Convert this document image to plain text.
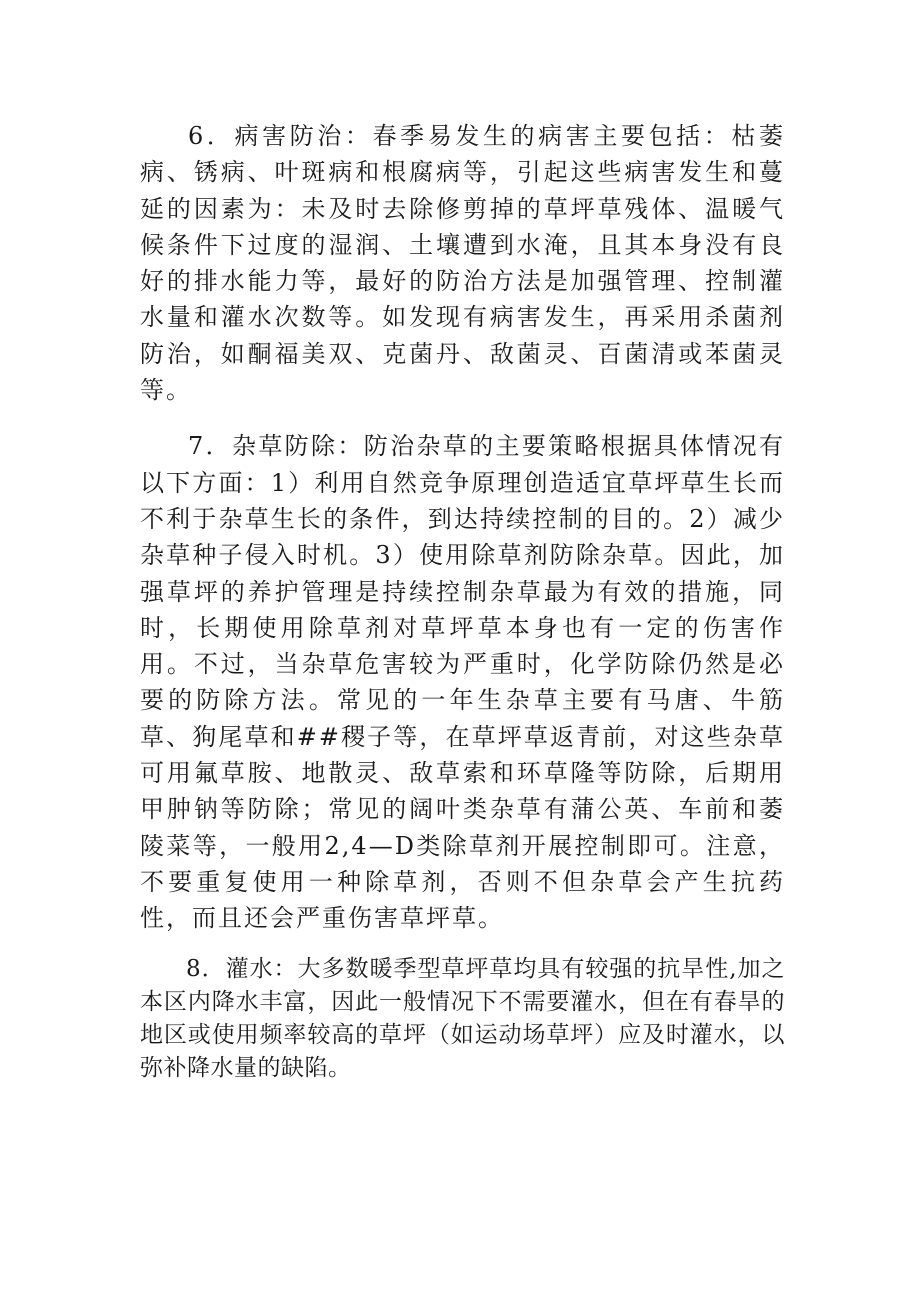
6．病害防治：春季易发生的病害主要包括：枯萎病、锈病、叶斑病和根腐病等，引起这些病害发生和蔓延的因素为：未及时去除修剪掉的草坪草残体、温暖气候条件下过度的湿润、土壤遭到水淹，且其本身没有良好的排水能力等，最好的防治方法是加强管理、控制灌水量和灌水次数等。如发现有病害发生，再采用杀菌剂防治，如酮福美双、克菌丹、敌菌灵、百菌清或苯菌灵等。

7．杂草防除：防治杂草的主要策略根据具体情况有以下方面：1）利用自然竞争原理创造适宜草坪草生长而不利于杂草生长的条件，到达持续控制的目的。2）减少杂草种子侵入时机。3）使用除草剂防除杂草。因此，加强草坪的养护管理是持续控制杂草最为有效的措施，同时，长期使用除草剂对草坪草本身也有一定的伤害作用。不过，当杂草危害较为严重时，化学防除仍然是必要的防除方法。常见的一年生杂草主要有马唐、牛筋草、狗尾草和##稷子等，在草坪草返青前，对这些杂草可用氟草胺、地散灵、敌草索和环草隆等防除，后期用甲肿钠等防除；常见的阔叶类杂草有蒲公英、车前和萎陵菜等，一般用2,4—D类除草剂开展控制即可。注意，不要重复使用一种除草剂，否则不但杂草会产生抗药性，而且还会严重伤害草坪草。

8．灌水：大多数暖季型草坪草均具有较强的抗旱性,加之本区内降水丰富，因此一般情况下不需要灌水，但在有春旱的地区或使用频率较高的草坪（如运动场草坪）应及时灌水，以弥补降水量的缺陷。
